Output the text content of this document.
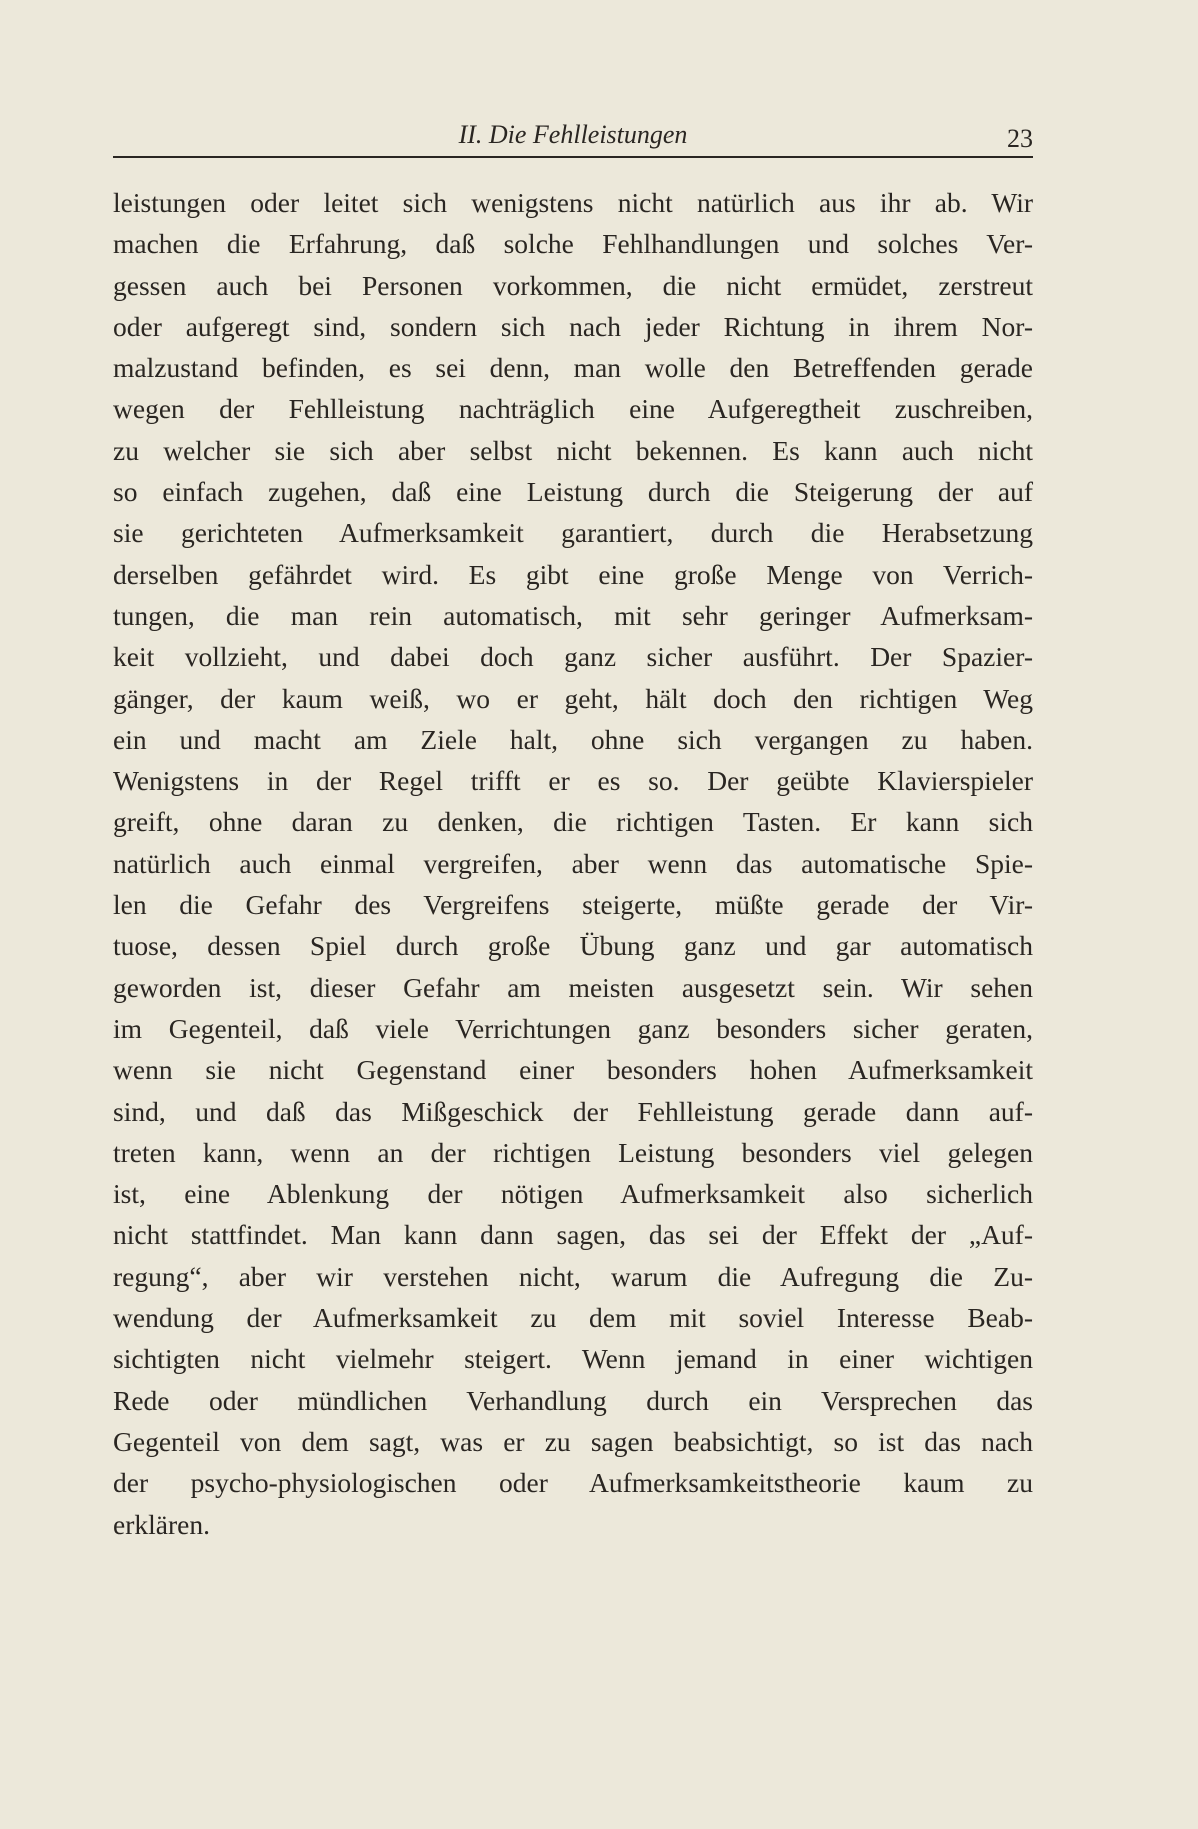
II. Die Fehlleistungen	23
leistungen oder leitet sich wenigstens nicht natürlich aus ihr ab. Wir
machen die Erfahrung, daß solche Fehlhandlungen und solches Ver-
gessen auch bei Personen vorkommen, die nicht ermüdet, zerstreut
oder aufgeregt sind, sondern sich nach jeder Richtung in ihrem Nor-
malzustand befinden, es sei denn, man wolle den Betreffenden gerade
wegen der Fehlleistung nachträglich eine Aufgeregtheit zuschreiben,
zu welcher sie sich aber selbst nicht bekennen. Es kann auch nicht
so einfach zugehen, daß eine Leistung durch die Steigerung der auf
sie gerichteten Aufmerksamkeit garantiert, durch die Herabsetzung
derselben gefährdet wird. Es gibt eine große Menge von Verrich-
tungen, die man rein automatisch, mit sehr geringer Aufmerksam-
keit vollzieht, und dabei doch ganz sicher ausführt. Der Spazier-
gänger, der kaum weiß, wo er geht, hält doch den richtigen Weg
ein und macht am Ziele halt, ohne sich vergangen zu haben.
Wenigstens in der Regel trifft er es so. Der geübte Klavierspieler
greift, ohne daran zu denken, die richtigen Tasten. Er kann sich
natürlich auch einmal vergreifen, aber wenn das automatische Spie-
len die Gefahr des Vergreifens steigerte, müßte gerade der Vir-
tuose, dessen Spiel durch große Übung ganz und gar automatisch
geworden ist, dieser Gefahr am meisten ausgesetzt sein. Wir sehen
im Gegenteil, daß viele Verrichtungen ganz besonders sicher geraten,
wenn sie nicht Gegenstand einer besonders hohen Aufmerksamkeit
sind, und daß das Mißgeschick der Fehlleistung gerade dann auf-
treten kann, wenn an der richtigen Leistung besonders viel gelegen
ist, eine Ablenkung der nötigen Aufmerksamkeit also sicherlich
nicht stattfindet. Man kann dann sagen, das sei der Effekt der „Auf-
regung“, aber wir verstehen nicht, warum die Aufregung die Zu-
wendung der Aufmerksamkeit zu dem mit soviel Interesse Beab-
sichtigten nicht vielmehr steigert. Wenn jemand in einer wichtigen
Rede oder mündlichen Verhandlung durch ein Versprechen das
Gegenteil von dem sagt, was er zu sagen beabsichtigt, so ist das nach
der psycho-physiologischen oder Aufmerksamkeitstheorie kaum zu
erklären.
